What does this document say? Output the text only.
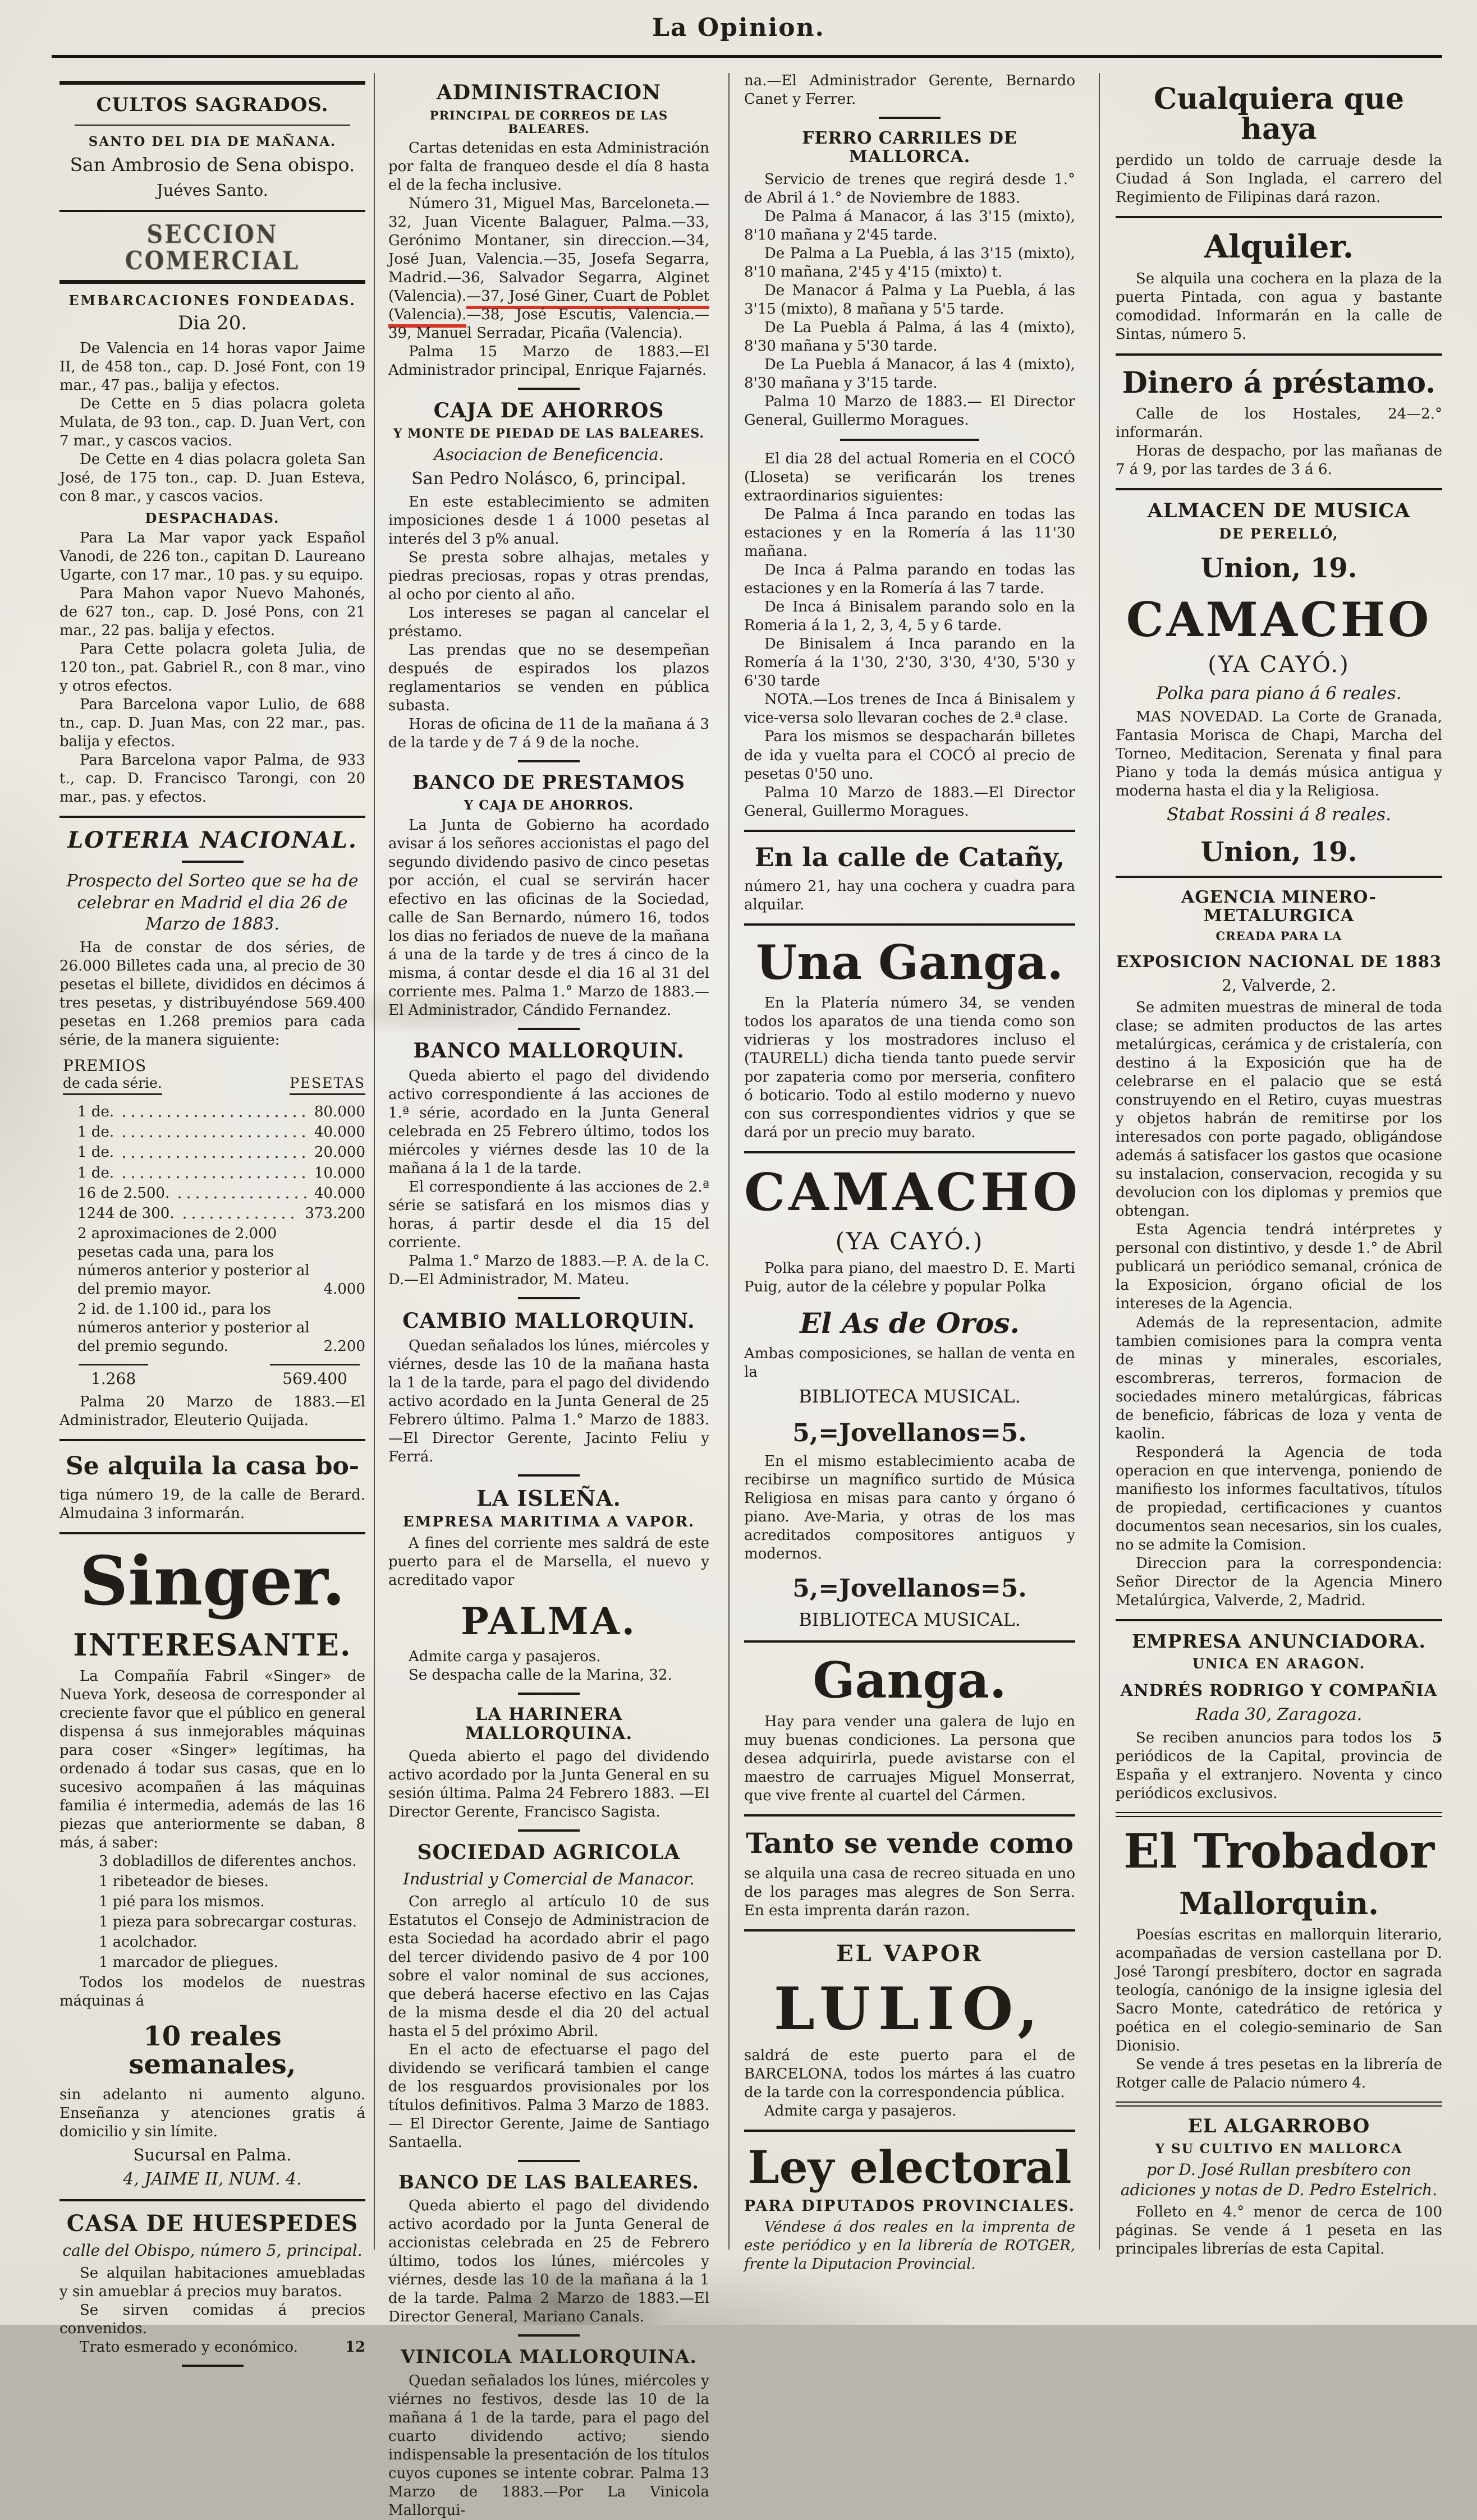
La Opinion.
CULTOS SAGRADOS.
SANTO DEL DIA DE MAÑANA.
San Ambrosio de Sena obispo.
Juéves Santo.
SECCION COMERCIAL
EMBARCACIONES FONDEADAS.
Dia 20.

De Valencia en 14 horas vapor Jaime II, de 458 ton., cap. D. José Font, con 19 mar., 47 pas., balija y efectos.

De Cette en 5 dias polacra goleta Mulata, de 93 ton., cap. D. Juan Vert, con 7 mar., y cascos vacios.

De Cette en 4 dias polacra goleta San José, de 175 ton., cap. D. Juan Esteva, con 8 mar., y cascos vacios.

DESPACHADAS.

Para La Mar vapor yack Español Vanodi, de 226 ton., capitan D. Laureano Ugarte, con 17 mar., 10 pas. y su equipo.

Para Mahon vapor Nuevo Mahonés, de 627 ton., cap. D. José Pons, con 21 mar., 22 pas. balija y efectos.

Para Cette polacra goleta Julia, de 120 ton., pat. Gabriel R., con 8 mar., vino y otros efectos.

Para Barcelona vapor Lulio, de 688 tn., cap. D. Juan Mas, con 22 mar., pas. balija y efectos.

Para Barcelona vapor Palma, de 933 t., cap. D. Francisco Tarongi, con 20 mar., pas. y efectos.

LOTERIA NACIONAL.
Prospecto del Sorteo que se ha de celebrar en Madrid el dia 26 de Marzo de 1883.

Ha de constar de dos séries, de 26.000 Billetes cada una, al precio de 30 pesetas el billete, divididos en décimos á tres pesetas, y distribuyéndose 569.400 pesetas en 1.268 premios para cada série, de la manera siguiente:

PREMIOS
de cada série.	PESETAS
1 de.	80.000
1 de.	40.000
1 de.	20.000
1 de.	10.000
16 de 2.500.	40.000
1244 de 300.	373.200
2 aproximaciones de 2.000 pesetas cada una, para los números anterior y posterior al del premio mayor.	4.000
2 id. de 1.100 id., para los números anterior y posterior al del premio segundo.	2.200
1.268	569.400

Palma 20 Marzo de 1883.—El Administrador, Eleuterio Quijada.

Se alquila la casa bo-

tiga número 19, de la calle de Berard. Almudaina 3 informarán.

Singer.
INTERESANTE.

La Compañía Fabril «Singer» de Nueva York, deseosa de corresponder al creciente favor que el público en general dispensa á sus inmejorables máquinas para coser «Singer» legítimas, ha ordenado á todar sus casas, que en lo sucesivo acompañen á las máquinas familia é intermedia, además de las 16 piezas que anteriormente se daban, 8 más, á saber:

3 dobladillos de diferentes anchos.
1 ribeteador de bieses.
1 pié para los mismos.
1 pieza para sobrecargar costuras.
1 acolchador.
1 marcador de pliegues.

Todos los modelos de nuestras máquinas á

10 reales semanales,

sin adelanto ni aumento alguno. Enseñanza y atenciones gratis á domicilio y sin límite.

Sucursal en Palma.
4, JAIME II, NUM. 4.
CASA DE HUESPEDES
calle del Obispo, número 5, principal.

Se alquilan habitaciones amuebladas y sin amueblar á precios muy baratos.

Se sirven comidas á precios convenidos.

12
Trato esmerado y económico.

ADMINISTRACION
PRINCIPAL DE CORREOS DE LAS BALEARES.

Cartas detenidas en esta Administración por falta de franqueo desde el día 8 hasta el de la fecha inclusive.

Número 31, Miguel Mas, Barceloneta.—32, Juan Vicente Balaguer, Palma.—33, Gerónimo Montaner, sin direccion.—34, José Juan, Valencia.—35, Josefa Segarra, Madrid.—36, Salvador Segarra, Alginet (Valencia).—37, José Giner, Cuart de Poblet (Valencia).—38, José Escutis, Valencia.—39, Manuel Serradar, Picaña (Valencia).

Palma 15 Marzo de 1883.—El Administrador principal, Enrique Fajarnés.

CAJA DE AHORROS
Y MONTE DE PIEDAD DE LAS BALEARES.
Asociacion de Beneficencia.
San Pedro Nolásco, 6, principal.

En este establecimiento se admiten imposiciones desde 1 á 1000 pesetas al interés del 3 p% anual.

Se presta sobre alhajas, metales y piedras preciosas, ropas y otras prendas, al ocho por ciento al año.

Los intereses se pagan al cancelar el préstamo.

Las prendas que no se desempeñan después de espirados los plazos reglamentarios se venden en pública subasta.

Horas de oficina de 11 de la mañana á 3 de la tarde y de 7 á 9 de la noche.

BANCO DE PRESTAMOS
Y CAJA DE AHORROS.

La Junta de Gobierno ha acordado avisar á los señores accionistas el pago del segundo dividendo pasivo de cinco pesetas por acción, el cual se servirán hacer efectivo en las oficinas de la Sociedad, calle de San Bernardo, número 16, todos los dias no feriados de nueve de la mañana á una de la tarde y de tres á cinco de la misma, á contar desde el dia 16 al 31 del corriente mes. Palma 1.° Marzo de 1883.—El Administrador, Cándido Fernandez.

BANCO MALLORQUIN.

Queda abierto el pago del dividendo activo correspondiente á las acciones de 1.ª série, acordado en la Junta General celebrada en 25 Febrero último, todos los miércoles y viérnes desde las 10 de la mañana á la 1 de la tarde.

El correspondiente á las acciones de 2.ª série se satisfará en los mismos dias y horas, á partir desde el dia 15 del corriente.

Palma 1.° Marzo de 1883.—P. A. de la C. D.—El Administrador, M. Mateu.

CAMBIO MALLORQUIN.

Quedan señalados los lúnes, miércoles y viérnes, desde las 10 de la mañana hasta la 1 de la tarde, para el pago del dividendo activo acordado en la Junta General de 25 Febrero último. Palma 1.° Marzo de 1883.—El Director Gerente, Jacinto Feliu y Ferrá.

LA ISLEÑA.
EMPRESA MARITIMA A VAPOR.

A fines del corriente mes saldrá de este puerto para el de Marsella, el nuevo y acreditado vapor

PALMA.

Admite carga y pasajeros.

Se despacha calle de la Marina, 32.

LA HARINERA MALLORQUINA.

Queda abierto el pago del dividendo activo acordado por la Junta General en su sesión última. Palma 24 Febrero 1883. —El Director Gerente, Francisco Sagista.

SOCIEDAD AGRICOLA
Industrial y Comercial de Manacor.

Con arreglo al artículo 10 de sus Estatutos el Consejo de Administracion de esta Sociedad ha acordado abrir el pago del tercer dividendo pasivo de 4 por 100 sobre el valor nominal de sus acciones, que deberá hacerse efectivo en las Cajas de la misma desde el dia 20 del actual hasta el 5 del próximo Abril.

En el acto de efectuarse el pago del dividendo se verificará tambien el cange de los resguardos provisionales por los títulos definitivos. Palma 3 Marzo de 1883.— El Director Gerente, Jaime de Santiago Santaella.

BANCO DE LAS BALEARES.

Queda abierto el pago del dividendo activo acordado por la Junta General de accionistas celebrada en 25 de Febrero último, todos los lúnes, miércoles y viérnes, desde las 10 de la mañana á la 1 de la tarde. Palma 2 Marzo de 1883.—El Director General, Mariano Canals.

VINICOLA MALLORQUINA.

Quedan señalados los lúnes, miércoles y viérnes no festivos, desde las 10 de la mañana á 1 de la tarde, para el pago del cuarto dividendo activo; siendo indispensable la presentación de los títulos cuyos cupones se intente cobrar. Palma 13 Marzo de 1883.—Por La Vinicola Mallorqui-

na.—El Administrador Gerente, Bernardo Canet y Ferrer.

FERRO CARRILES DE MALLORCA.

Servicio de trenes que regirá desde 1.° de Abril á 1.° de Noviembre de 1883.

De Palma á Manacor, á las 3'15 (mixto), 8'10 mañana y 2'45 tarde.

De Palma a La Puebla, á las 3'15 (mixto), 8'10 mañana, 2'45 y 4'15 (mixto) t.

De Manacor á Palma y La Puebla, á las 3'15 (mixto), 8 mañana y 5'5 tarde.

De La Puebla á Palma, á las 4 (mixto), 8'30 mañana y 5'30 tarde.

De La Puebla á Manacor, á las 4 (mixto), 8'30 mañana y 3'15 tarde.

Palma 10 Marzo de 1883.— El Director General, Guillermo Moragues.

El dia 28 del actual Romeria en el COCÓ (Lloseta) se verificarán los trenes extraordinarios siguientes:

De Palma á Inca parando en todas las estaciones y en la Romería á las 11'30 mañana.

De Inca á Palma parando en todas las estaciones y en la Romería á las 7 tarde.

De Inca á Binisalem parando solo en la Romeria á la 1, 2, 3, 4, 5 y 6 tarde.

De Binisalem á Inca parando en la Romería á la 1'30, 2'30, 3'30, 4'30, 5'30 y 6'30 tarde

NOTA.—Los trenes de Inca á Binisalem y vice-versa solo llevaran coches de 2.ª clase.

Para los mismos se despacharán billetes de ida y vuelta para el COCÓ al precio de pesetas 0'50 uno.

Palma 10 Marzo de 1883.—El Director General, Guillermo Moragues.

En la calle de Catañy,

número 21, hay una cochera y cuadra para alquilar.

Una Ganga.

En la Platería número 34, se venden todos los aparatos de una tienda como son vidrieras y los mostradores incluso el (TAURELL) dicha tienda tanto puede servir por zapateria como por merseria, confitero ó boticario. Todo al estilo moderno y nuevo con sus correspondientes vidrios y que se dará por un precio muy barato.

CAMACHO
(YA CAYÓ.)

Polka para piano, del maestro D. E. Marti Puig, autor de la célebre y popular Polka

El As de Oros.

Ambas composiciones, se hallan de venta en la

BIBLIOTECA MUSICAL.
5,=Jovellanos=5.

En el mismo establecimiento acaba de recibirse un magnífico surtido de Música Religiosa en misas para canto y órgano ó piano. Ave-Maria, y otras de los mas acreditados compositores antiguos y modernos.

5,=Jovellanos=5.
BIBLIOTECA MUSICAL.
Ganga.

Hay para vender una galera de lujo en muy buenas condiciones. La persona que desea adquirirla, puede avistarse con el maestro de carruajes Miguel Monserrat, que vive frente al cuartel del Cármen.

Tanto se vende como

se alquila una casa de recreo situada en uno de los parages mas alegres de Son Serra. En esta imprenta darán razon.

EL VAPOR
LULIO,

saldrá de este puerto para el de BARCELONA, todos los mártes á las cuatro de la tarde con la correspondencia pública.

Admite carga y pasajeros.

Ley electoral
PARA DIPUTADOS PROVINCIALES.

Véndese á dos reales en la imprenta de este periódico y en la librería de ROTGER, frente la Diputacion Provincial.

Cualquiera que haya

perdido un toldo de carruaje desde la Ciudad á Son Inglada, el carrero del Regimiento de Filipinas dará razon.

Alquiler.

Se alquila una cochera en la plaza de la puerta Pintada, con agua y bastante comodidad. Informarán en la calle de Sintas, número 5.

Dinero á préstamo.

Calle de los Hostales, 24—2.° informarán.

Horas de despacho, por las mañanas de 7 á 9, por las tardes de 3 á 6.

ALMACEN DE MUSICA
DE PERELLÓ,
Union, 19.
CAMACHO
(YA CAYÓ.)
Polka para piano á 6 reales.

MAS NOVEDAD. La Corte de Granada, Fantasia Morisca de Chapi, Marcha del Torneo, Meditacion, Serenata y final para Piano y toda la demás música antigua y moderna hasta el dia y la Religiosa.

Stabat Rossini á 8 reales.
Union, 19.
AGENCIA MINERO-METALURGICA
CREADA PARA LA
EXPOSICION NACIONAL DE 1883
2, Valverde, 2.

Se admiten muestras de mineral de toda clase; se admiten productos de las artes metalúrgicas, cerámica y de cristalería, con destino á la Exposición que ha de celebrarse en el palacio que se está construyendo en el Retiro, cuyas muestras y objetos habrán de remitirse por los interesados con porte pagado, obligándose además á satisfacer los gastos que ocasione su instalacion, conservacion, recogida y su devolucion con los diplomas y premios que obtengan.

Esta Agencia tendrá intérpretes y personal con distintivo, y desde 1.° de Abril publicará un periódico semanal, crónica de la Exposicion, órgano oficial de los intereses de la Agencia.

Además de la representacion, admite tambien comisiones para la compra venta de minas y minerales, escoriales, escombreras, terreros, formacion de sociedades minero metalúrgicas, fábricas de beneficio, fábricas de loza y venta de kaolin.

Responderá la Agencia de toda operacion en que intervenga, poniendo de manifiesto los informes facultativos, títulos de propiedad, certificaciones y cuantos documentos sean necesarios, sin los cuales, no se admite la Comision.

Direccion para la correspondencia: Señor Director de la Agencia Minero Metalúrgica, Valverde, 2, Madrid.

EMPRESA ANUNCIADORA.
UNICA EN ARAGON.
ANDRÉS RODRIGO Y COMPAÑIA
Rada 30, Zaragoza.

5
Se reciben anuncios para todos los periódicos de la Capital, provincia de España y el extranjero. Noventa y cinco periódicos exclusivos.

El Trobador
Mallorquin.

Poesías escritas en mallorquin literario, acompañadas de version castellana por D. José Tarongí presbítero, doctor en sagrada teología, canónigo de la insigne iglesia del Sacro Monte, catedrático de retórica y poética en el colegio-seminario de San Dionisio.

Se vende á tres pesetas en la librería de Rotger calle de Palacio número 4.

EL ALGARROBO
Y SU CULTIVO EN MALLORCA
por D. José Rullan presbítero con adiciones y notas de D. Pedro Estelrich.

Folleto en 4.° menor de cerca de 100 páginas. Se vende á 1 peseta en las principales librerías de esta Capital.
